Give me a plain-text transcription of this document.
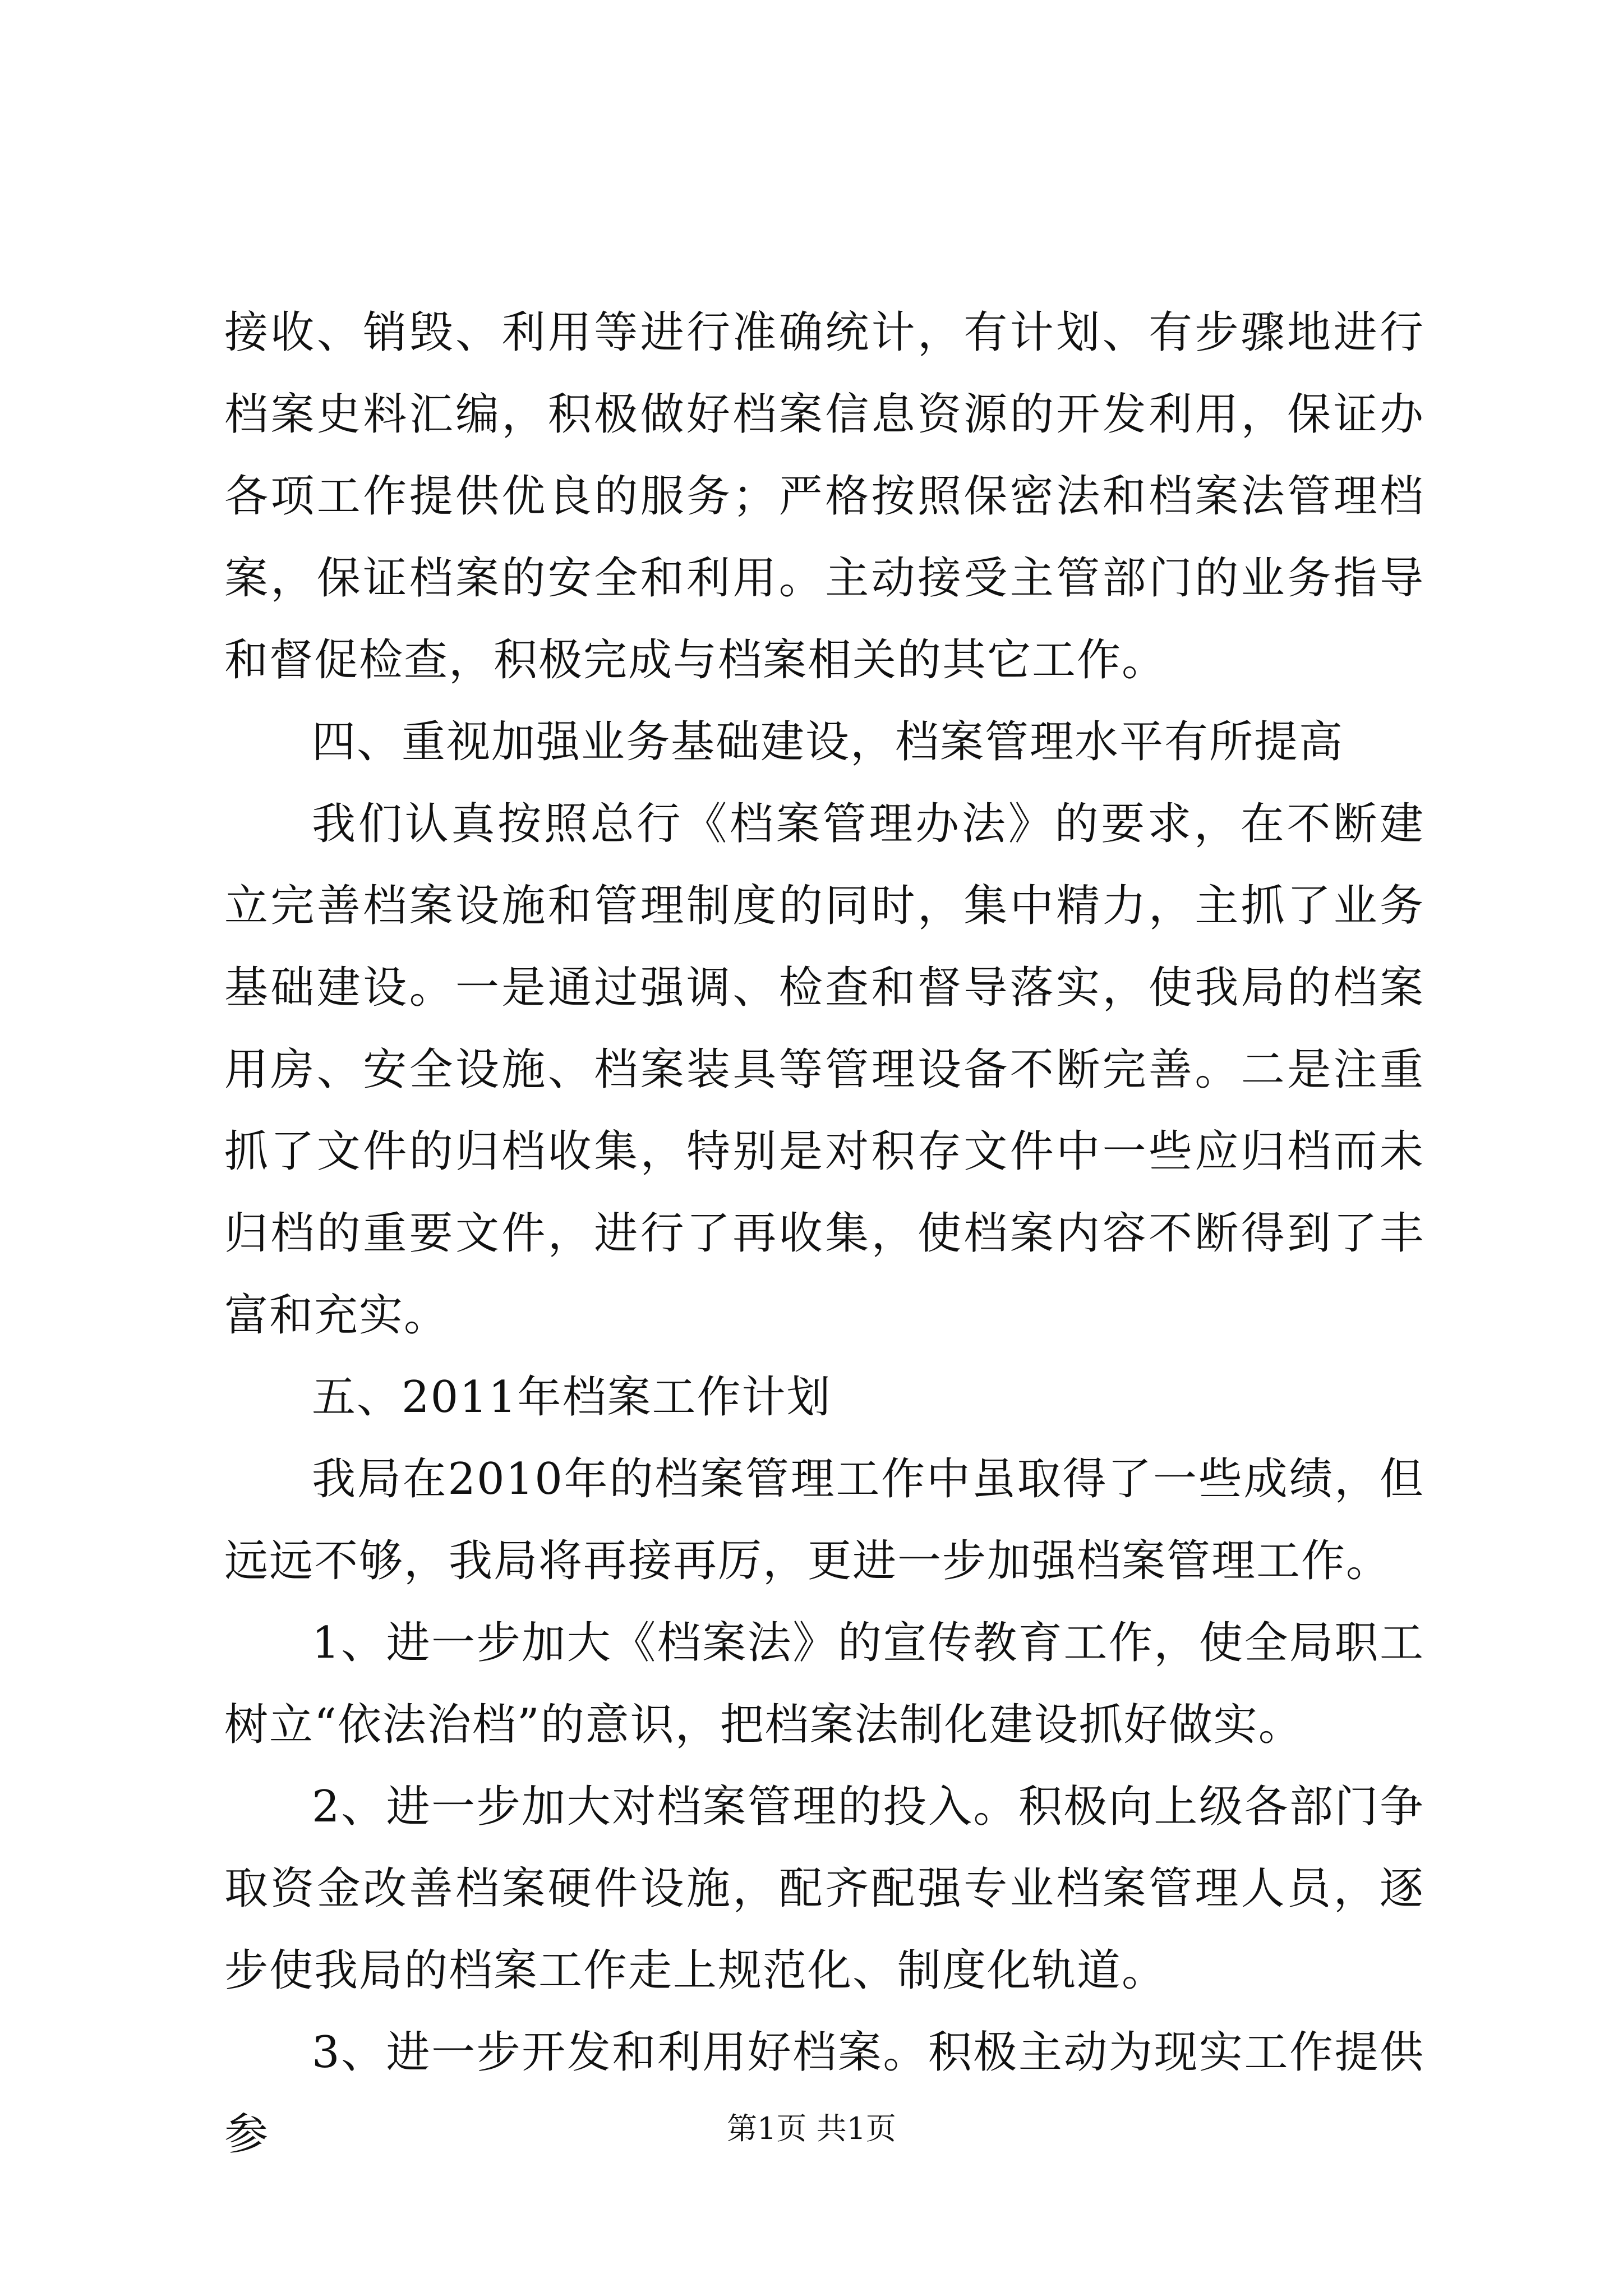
接收、销毁、利用等进行准确统计，有计划、有步骤地进行档案史料汇编，积极做好档案信息资源的开发利用，保证办各项工作提供优良的服务；严格按照保密法和档案法管理档案，保证档案的安全和利用。主动接受主管部门的业务指导和督促检查，积极完成与档案相关的其它工作。

四、重视加强业务基础建设，档案管理水平有所提高

我们认真按照总行《档案管理办法》的要求，在不断建立完善档案设施和管理制度的同时，集中精力，主抓了业务基础建设。一是通过强调、检查和督导落实，使我局的档案用房、安全设施、档案装具等管理设备不断完善。二是注重抓了文件的归档收集，特别是对积存文件中一些应归档而未归档的重要文件，进行了再收集，使档案内容不断得到了丰富和充实。

五、2011年档案工作计划

我局在2010年的档案管理工作中虽取得了一些成绩，但远远不够，我局将再接再厉，更进一步加强档案管理工作。

1、进一步加大《档案法》的宣传教育工作，使全局职工树立“依法治档”的意识，把档案法制化建设抓好做实。

2、进一步加大对档案管理的投入。积极向上级各部门争取资金改善档案硬件设施，配齐配强专业档案管理人员，逐步使我局的档案工作走上规范化、制度化轨道。

3、进一步开发和利用好档案。积极主动为现实工作提供参	第1页 共1页
